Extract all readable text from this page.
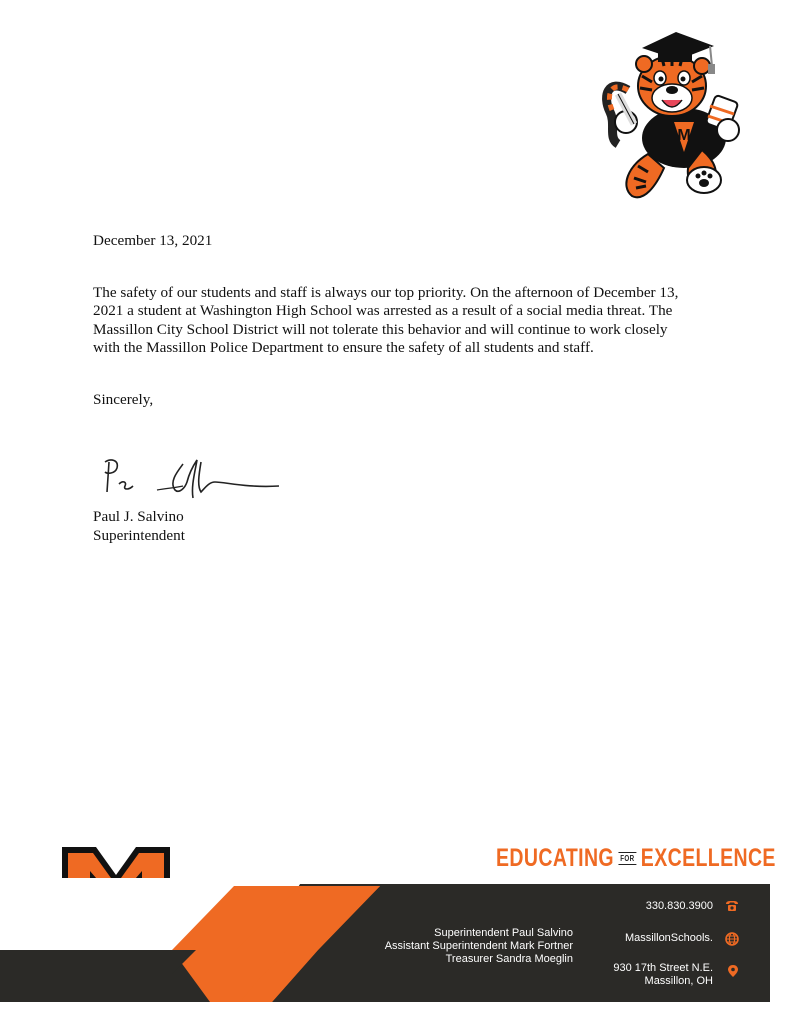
M

December 13, 2021

The safety of our students and staff is always our top priority. On the afternoon of December 13, 2021 a student at Washington High School was arrested as a result of a social media threat. The Massillon City School District will not tolerate this behavior and will continue to work closely with the Massillon Police Department to ensure the safety of all students and staff.

Sincerely,

Paul J. Salvino
Superintendent
M	EDUCATING FOR EXCELLENCE
Superintendent Paul Salvino
Assistant Superintendent Mark Fortner
Treasurer Sandra Moeglin
330.830.3900
MassillonSchools.
930 17th Street N.E.
Massillon, OH
